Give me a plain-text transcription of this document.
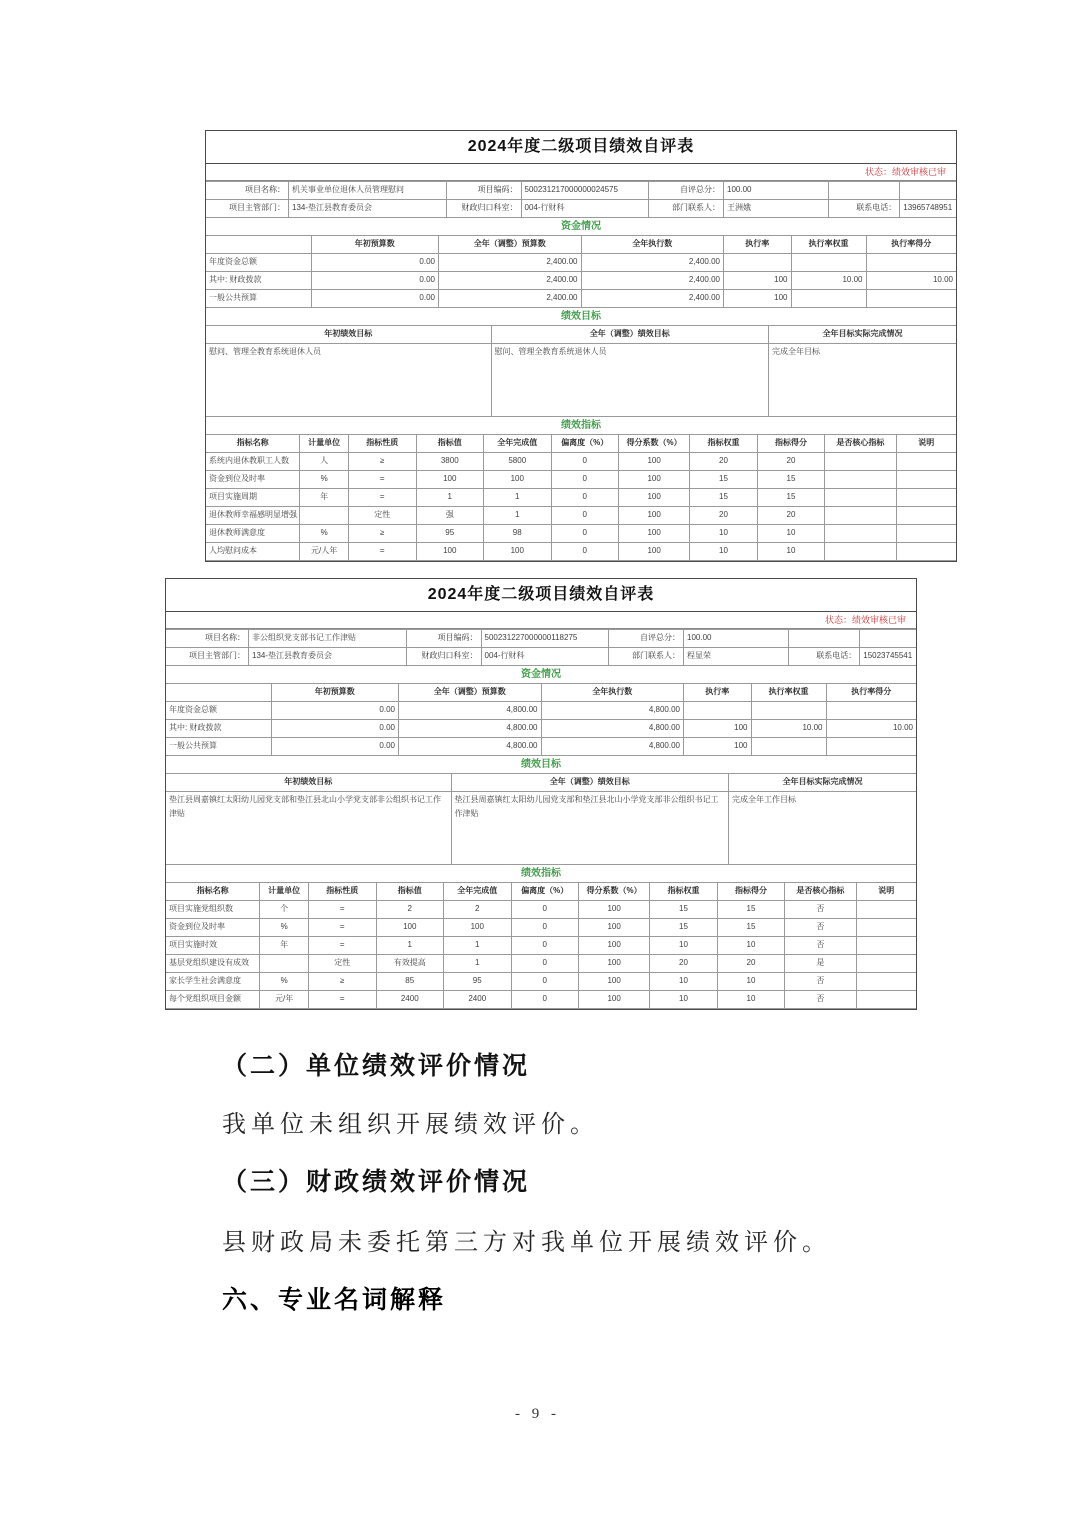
2024年度二级项目绩效自评表
状态：绩效审核已审
项目名称：	机关事业单位退休人员管理慰问	项目编码：	500231217000000024575	自评总分：	100.00		
项目主管部门：	134-垫江县教育委员会	财政归口科室：	004-行财科	部门联系人：	王洲娥	联系电话：	13965748951
资金情况
	年初预算数	全年（调整）预算数	全年执行数	执行率	执行率权重	执行率得分
年度资金总额	0.00	2,400.00	2,400.00			
其中: 财政拨款	0.00	2,400.00	2,400.00	100	10.00	10.00
一般公共预算	0.00	2,400.00	2,400.00	100		
绩效目标
年初绩效目标	全年（调整）绩效目标	全年目标实际完成情况
慰问、管理全教育系统退休人员	慰问、管理全教育系统退休人员	完成全年目标
绩效指标
指标名称	计量单位	指标性质	指标值	全年完成值	偏离度（%）	得分系数（%）	指标权重	指标得分	是否核心指标	说明
系统内退休教职工人数	人	≥	3800	5800	0	100	20	20		
资金到位及时率	%	=	100	100	0	100	15	15		
项目实施周期	年	=	1	1	0	100	15	15		
退休教师幸福感明显增强		定性	强	1	0	100	20	20		
退休教师满意度	%	≥	95	98	0	100	10	10		
人均慰问成本	元/人年	=	100	100	0	100	10	10		
2024年度二级项目绩效自评表
状态：绩效审核已审
项目名称：	非公组织党支部书记工作津贴	项目编码：	500231227000000118275	自评总分：	100.00		
项目主管部门：	134-垫江县教育委员会	财政归口科室：	004-行财科	部门联系人：	程显荣	联系电话：	15023745541
资金情况
	年初预算数	全年（调整）预算数	全年执行数	执行率	执行率权重	执行率得分
年度资金总额	0.00	4,800.00	4,800.00			
其中: 财政拨款	0.00	4,800.00	4,800.00	100	10.00	10.00
一般公共预算	0.00	4,800.00	4,800.00	100		
绩效目标
年初绩效目标	全年（调整）绩效目标	全年目标实际完成情况
垫江县周嘉镇红太阳幼儿园党支部和垫江县北山小学党支部非公组织书记工作津贴	垫江县周嘉镇红太阳幼儿园党支部和垫江县北山小学党支部非公组织书记工作津贴	完成全年工作目标
绩效指标
指标名称	计量单位	指标性质	指标值	全年完成值	偏离度（%）	得分系数（%）	指标权重	指标得分	是否核心指标	说明
项目实施党组织数	个	=	2	2	0	100	15	15	否	
资金到位及时率	%	=	100	100	0	100	15	15	否	
项目实施时效	年	=	1	1	0	100	10	10	否	
基层党组织建设有成效		定性	有效提高	1	0	100	20	20	是	
家长学生社会满意度	%	≥	85	95	0	100	10	10	否	
每个党组织项目金额	元/年	=	2400	2400	0	100	10	10	否	
（二）单位绩效评价情况
我单位未组织开展绩效评价。
（三）财政绩效评价情况
县财政局未委托第三方对我单位开展绩效评价。
六、专业名词解释
- 9 -
